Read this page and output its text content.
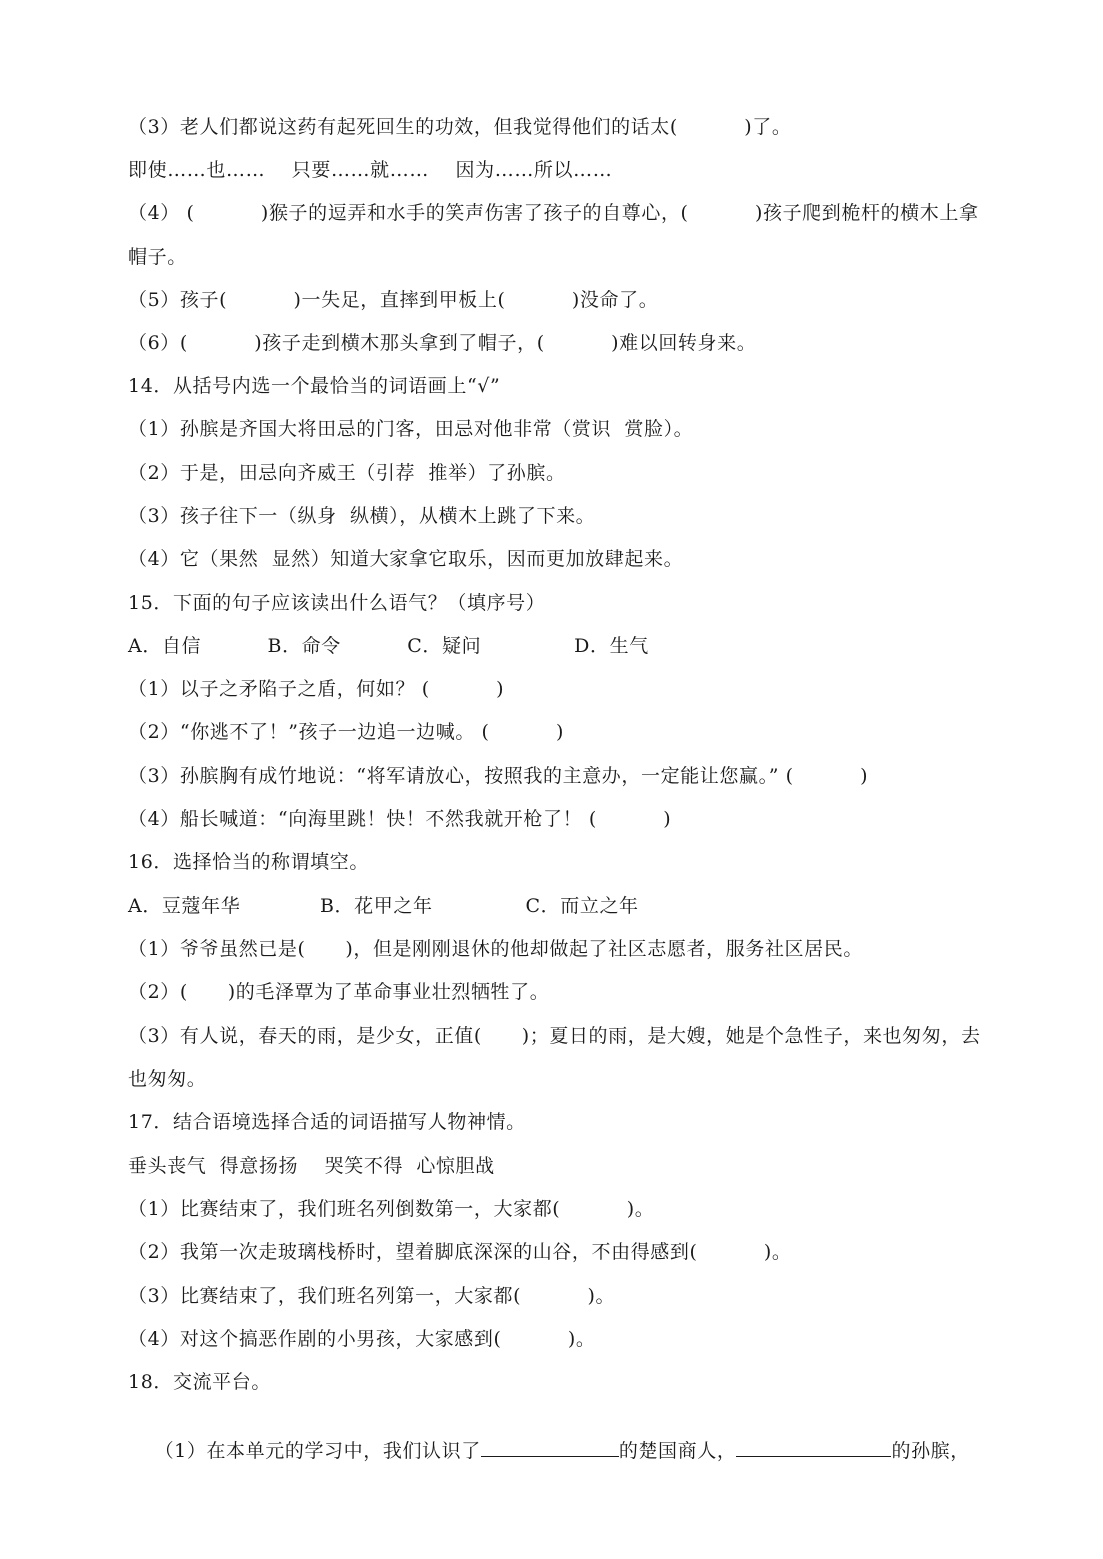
（3）老人们都说这药有起死回生的功效，但我觉得他们的话太(          )了。
即使……也……    只要……就……    因为……所以……
（4） (          )猴子的逗弄和水手的笑声伤害了孩子的自尊心，(          )孩子爬到桅杆的横木上拿
帽子。
（5）孩子(          )一失足，直摔到甲板上(          )没命了。
（6）(          )孩子走到横木那头拿到了帽子，(          )难以回转身来。
14．从括号内选一个最恰当的词语画上“√”
（1）孙膑是齐国大将田忌的门客，田忌对他非常（赏识  赏脸）。
（2）于是，田忌向齐威王（引荐  推举）了孙膑。
（3）孩子往下一（纵身  纵横），从横木上跳了下来。
（4）它（果然  显然）知道大家拿它取乐，因而更加放肆起来。
15．下面的句子应该读出什么语气？（填序号）
A．自信          B．命令          C．疑问              D．生气
（1）以子之矛陷子之盾，何如？ (          )
（2）“你逃不了！”孩子一边追一边喊。 (          )
（3）孙膑胸有成竹地说：“将军请放心，按照我的主意办，一定能让您赢。” (          )
（4）船长喊道：“向海里跳！快！不然我就开枪了！ (          )
16．选择恰当的称谓填空。
A．豆蔻年华            B．花甲之年              C．而立之年
（1）爷爷虽然已是(      )，但是刚刚退休的他却做起了社区志愿者，服务社区居民。
（2）(      )的毛泽覃为了革命事业壮烈牺牲了。
（3）有人说，春天的雨，是少女，正值(      )；夏日的雨，是大嫂，她是个急性子，来也匆匆，去
也匆匆。
17．结合语境选择合适的词语描写人物神情。
垂头丧气  得意扬扬    哭笑不得  心惊胆战
（1）比赛结束了，我们班名列倒数第一，大家都(          )。
（2）我第一次走玻璃栈桥时，望着脚底深深的山谷，不由得感到(          )。
（3）比赛结束了，我们班名列第一，大家都(          )。
（4）对这个搞恶作剧的小男孩，大家感到(          )。
18．交流平台。

（1）在本单元的学习中，我们认识了	的楚国商人，	的孙膑，
